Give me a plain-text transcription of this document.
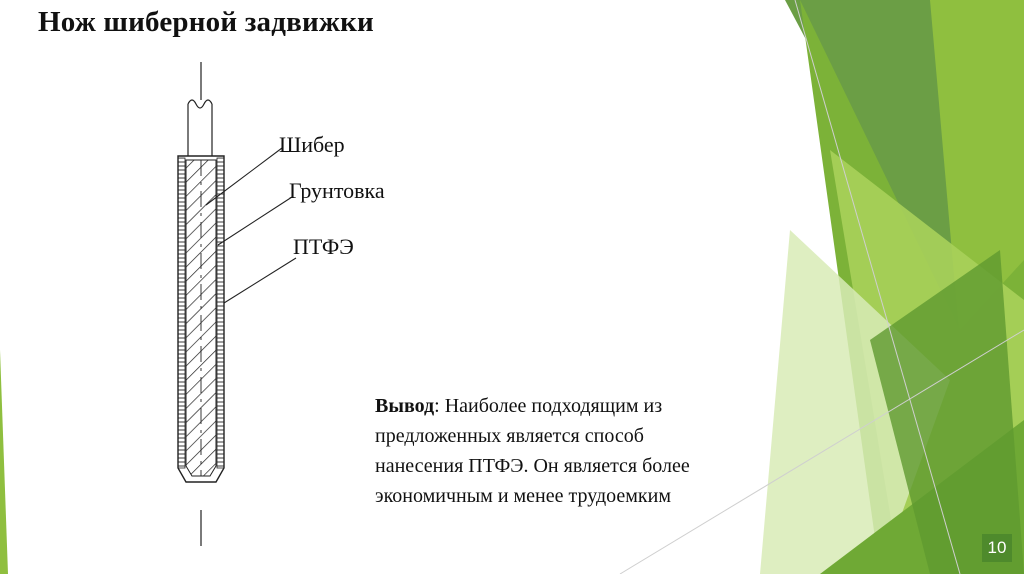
Нож шиберной задвижки
Шибер
Грунтовка
ПТФЭ
Вывод: Наиболее подходящим из
предложенных является способ
нанесения ПТФЭ. Он является более
экономичным и менее трудоемким
10
